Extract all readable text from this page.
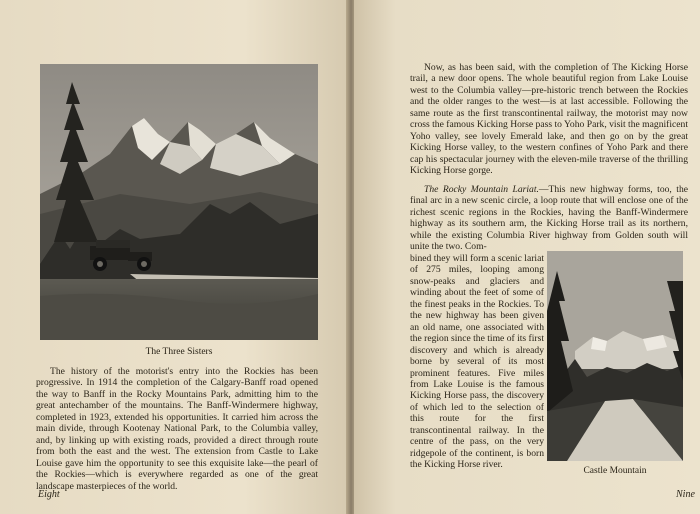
The Three Sisters

The history of the motorist's entry into the Rockies has been progressive. In 1914 the completion of the Calgary-Banff road opened the way to Banff in the Rocky Mountains Park, admitting him to the great antechamber of the mountains. The Banff-Windermere highway, completed in 1923, extended his opportunities. It carried him across the main divide, through Kootenay National Park, to the Columbia valley, and, by linking up with existing roads, provided a direct through route from both the east and the west. The extension from Castle to Lake Louise gave him the opportunity to see this exquisite lake—the pearl of the Rockies—which is everywhere regarded as one of the great landscape masterpieces of the world.

Eight

Now, as has been said, with the completion of The Kicking Horse trail, a new door opens. The whole beautiful region from Lake Louise west to the Columbia valley—pre-historic trench between the Rockies and the older ranges to the west—is at last accessible. Following the same route as the first transcontinental railway, the motorist may now cross the famous Kicking Horse pass to Yoho Park, visit the magnificent Yoho valley, see lovely Emerald lake, and then go on by the great Kicking Horse valley, to the western confines of Yoho Park and there cap his spectacular journey with the eleven-mile traverse of the thrilling Kicking Horse gorge.

The Rocky Mountain Lariat.—This new highway forms, too, the final arc in a new scenic circle, a loop route that will enclose one of the richest scenic regions in the Rockies, having the Banff-Windermere highway as its southern arm, the Kicking Horse trail as its northern, while the existing Columbia River highway from Golden south will unite the two. Com-

bined they will form a scenic lariat of 275 miles, looping among snow-peaks and glaciers and winding about the feet of some of the finest peaks in the Rockies. To the new highway has been given an old name, one associated with the region since the time of its first discovery and which is already borne by several of its most prominent features. Five miles from Lake Louise is the famous Kicking Horse pass, the discovery of which led to the selection of this route for the first transcontinental railway. In the centre of the pass, on the very ridgepole of the continent, is born the Kicking Horse river.

Castle Mountain
Nine
